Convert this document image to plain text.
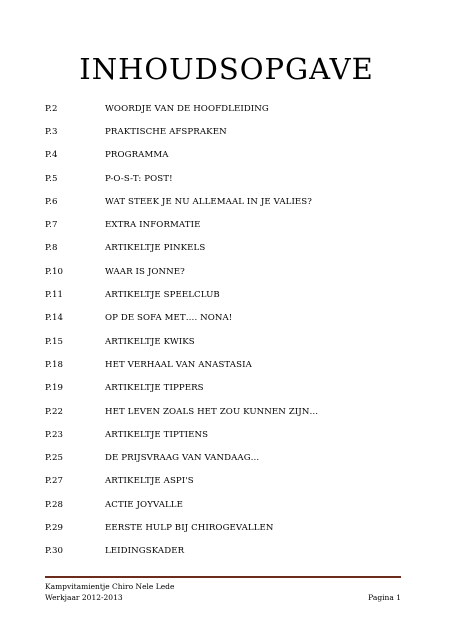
INHOUDSOPGAVE
P.2	WOORDJE VAN DE HOOFDLEIDING
P.3	PRAKTISCHE AFSPRAKEN
P.4	PROGRAMMA
P.5	P-O-S-T: POST!
P.6	WAT STEEK JE NU ALLEMAAL IN JE VALIES?
P.7	EXTRA INFORMATIE
P.8	ARTIKELTJE PINKELS
P.10	WAAR IS JONNE?
P.11	ARTIKELTJE SPEELCLUB
P.14	OP DE SOFA MET…. NONA!
P.15	ARTIKELTJE KWIKS
P.18	HET VERHAAL VAN ANASTASIA
P.19	ARTIKELTJE TIPPERS
P.22	HET LEVEN ZOALS HET ZOU KUNNEN ZIJN…
P.23	ARTIKELTJE TIPTIENS
P.25	DE PRIJSVRAAG VAN VANDAAG…
P.27	ARTIKELTJE ASPI'S
P.28	ACTIE JOYVALLE
P.29	EERSTE HULP BIJ CHIROGEVALLEN
P.30	LEIDINGSKADER
Kampvitamientje Chiro Nele Lede
Werkjaar 2012-2013	Pagina 1
